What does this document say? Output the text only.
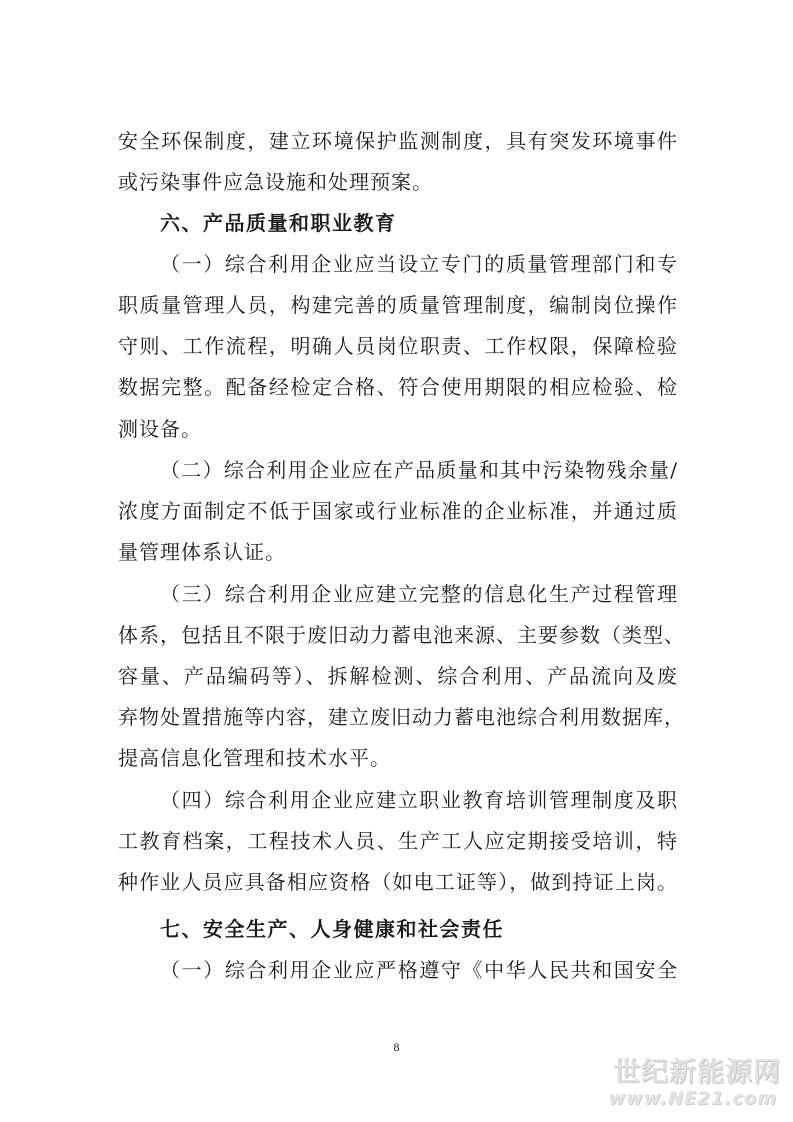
安全环保制度，建立环境保护监测制度，具有突发环境事件
或污染事件应急设施和处理预案。
六、产品质量和职业教育
（一）综合利用企业应当设立专门的质量管理部门和专
职质量管理人员，构建完善的质量管理制度，编制岗位操作
守则、工作流程，明确人员岗位职责、工作权限，保障检验
数据完整。配备经检定合格、符合使用期限的相应检验、检
测设备。
（二）综合利用企业应在产品质量和其中污染物残余量/
浓度方面制定不低于国家或行业标准的企业标准，并通过质
量管理体系认证。
（三）综合利用企业应建立完整的信息化生产过程管理
体系，包括且不限于废旧动力蓄电池来源、主要参数（类型、
容量、产品编码等）、拆解检测、综合利用、产品流向及废
弃物处置措施等内容，建立废旧动力蓄电池综合利用数据库，
提高信息化管理和技术水平。
（四）综合利用企业应建立职业教育培训管理制度及职
工教育档案，工程技术人员、生产工人应定期接受培训，特
种作业人员应具备相应资格（如电工证等），做到持证上岗。
七、安全生产、人身健康和社会责任
（一）综合利用企业应严格遵守《中华人民共和国安全
8
世纪新能源网
www.NE21.com
